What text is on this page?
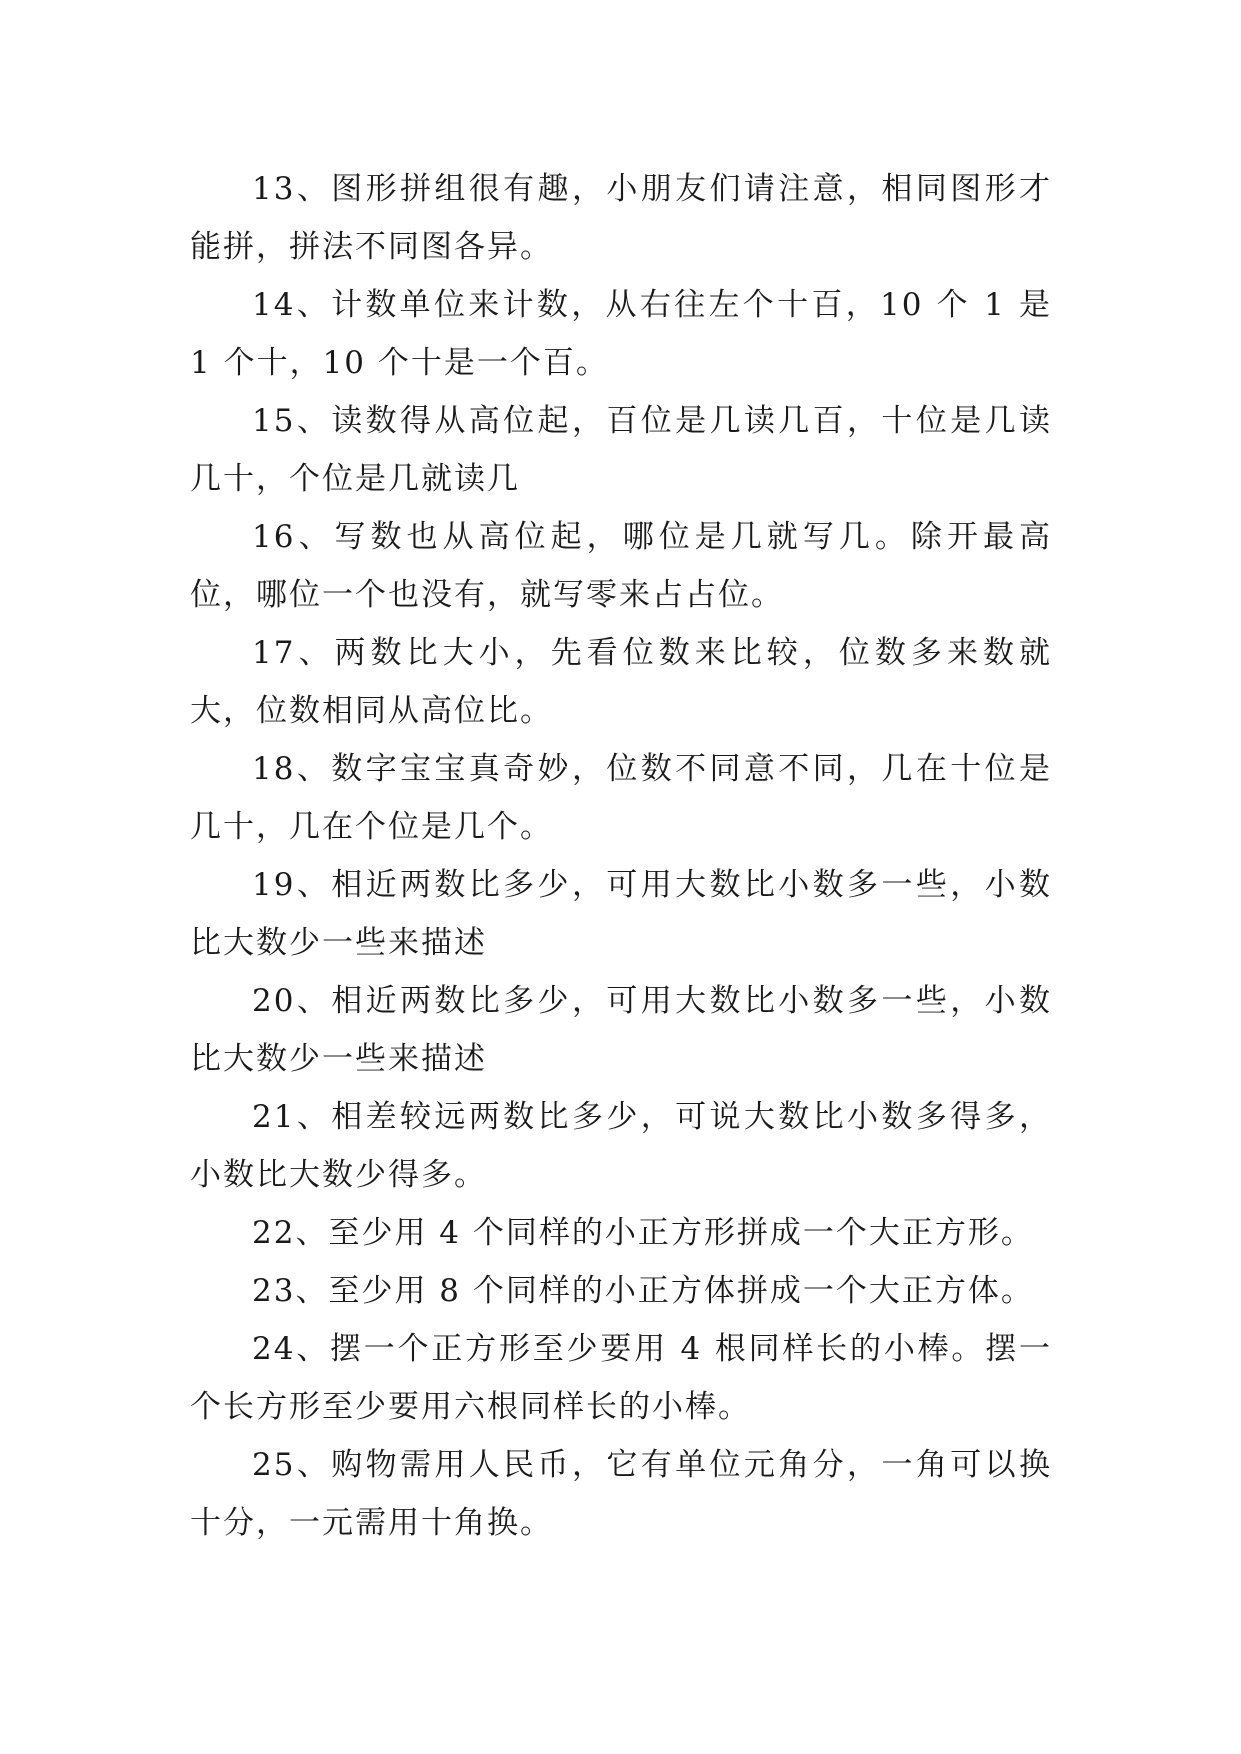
13、图形拼组很有趣，小朋友们请注意，相同图形才能拼，拼法不同图各异。

14、计数单位来计数，从右往左个十百，10 个 1 是 1 个十，10 个十是一个百。

15、读数得从高位起，百位是几读几百，十位是几读几十，个位是几就读几

16、写数也从高位起，哪位是几就写几。除开最高位，哪位一个也没有，就写零来占占位。

17、两数比大小，先看位数来比较，位数多来数就大，位数相同从高位比。

18、数字宝宝真奇妙，位数不同意不同，几在十位是几十，几在个位是几个。

19、相近两数比多少，可用大数比小数多一些，小数比大数少一些来描述

20、相近两数比多少，可用大数比小数多一些，小数比大数少一些来描述

21、相差较远两数比多少，可说大数比小数多得多，小数比大数少得多。

22、至少用 4 个同样的小正方形拼成一个大正方形。

23、至少用 8 个同样的小正方体拼成一个大正方体。

24、摆一个正方形至少要用 4 根同样长的小棒。摆一个长方形至少要用六根同样长的小棒。

25、购物需用人民币，它有单位元角分，一角可以换十分，一元需用十角换。
